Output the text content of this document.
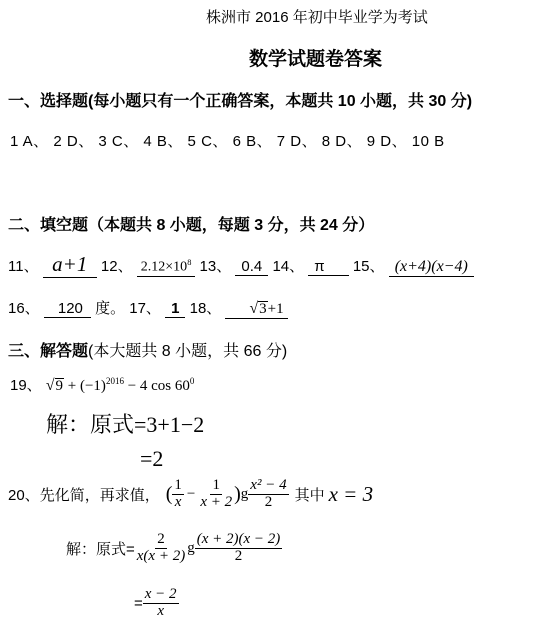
株洲市 2016 年初中毕业学为考试
数学试题卷答案
一、选择题(每小题只有一个正确答案，本题共 10 小题，共 30 分)
1 A、 2 D、 3 C、 4 B、 5 C、 6 B、 7 D、 8 D、 9 D、 10 B
二、填空题（本题共 8 小题，每题 3 分，共 24 分）
11、 a+1 12、 $2.12\times 10^8$ 13、 0.4 14、 π 15、 (x+4)(x−4)
16、 120 度。 17、 1 18、 √ 3 +1
三、解答题(本大题共 8 小题，共 66 分)
19、 √ $9 + (-1)^{2016} - 4$ $\cos 60^0$
解：原式=3+1−2
=2
20、 先化简，再求值， ( $\frac{1}{x} - \frac{1}{x + 2}$ ) g $\frac{\text{x² − 4}}{2}$ 其中 x = 3
解：原式= $\frac{2}{x(x + 2)}$ g $\frac{(x + 2)(x - 2)}{2}$
= $\frac{x - 2}{x}$
